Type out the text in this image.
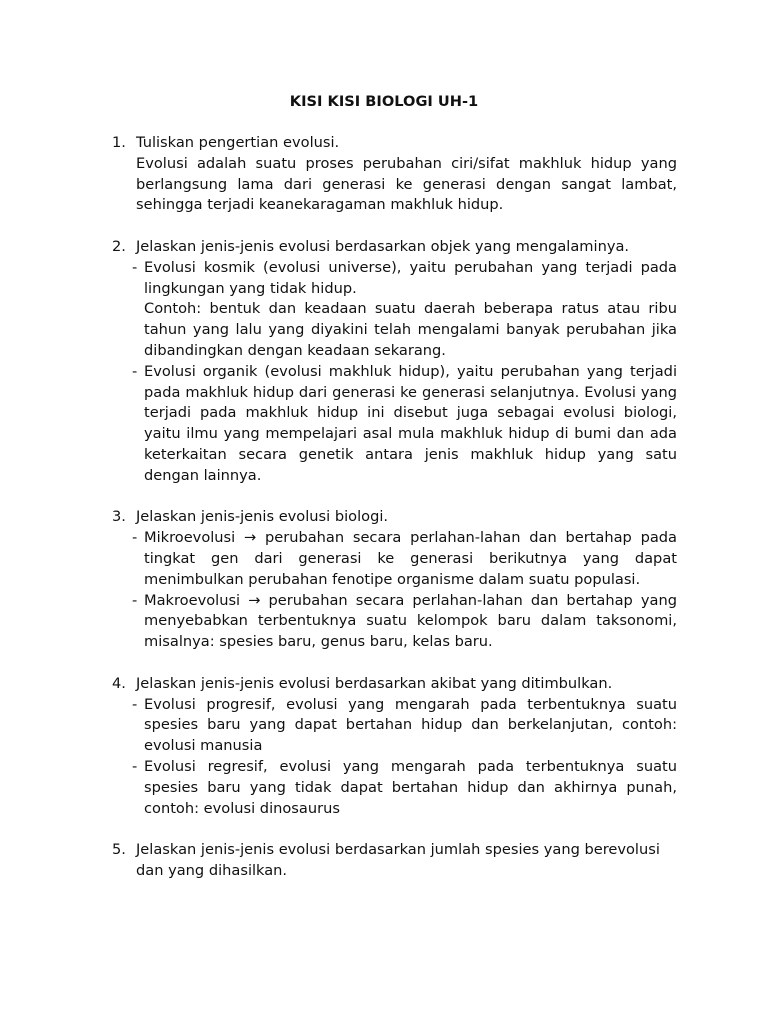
KISI KISI BIOLOGI UH-1
1. Tuliskan pengertian evolusi.
Evolusi adalah suatu proses perubahan ciri/sifat makhluk hidup yang berlangsung lama dari generasi ke generasi dengan sangat lambat, sehingga terjadi keanekaragaman makhluk hidup.
2. Jelaskan jenis-jenis evolusi berdasarkan objek yang mengalaminya.
- Evolusi kosmik (evolusi universe), yaitu perubahan yang terjadi pada lingkungan yang tidak hidup.
Contoh: bentuk dan keadaan suatu daerah beberapa ratus atau ribu tahun yang lalu yang diyakini telah mengalami banyak perubahan jika dibandingkan dengan keadaan sekarang.
- Evolusi organik (evolusi makhluk hidup), yaitu perubahan yang terjadi pada makhluk hidup dari generasi ke generasi selanjutnya. Evolusi yang terjadi pada makhluk hidup ini disebut juga sebagai evolusi biologi, yaitu ilmu yang mempelajari asal mula makhluk hidup di bumi dan ada keterkaitan secara genetik antara jenis makhluk hidup yang satu dengan lainnya.
3. Jelaskan jenis-jenis evolusi biologi.
- Mikroevolusi → perubahan secara perlahan-lahan dan bertahap pada tingkat gen dari generasi ke generasi berikutnya yang dapat menimbulkan perubahan fenotipe organisme dalam suatu populasi.
- Makroevolusi → perubahan secara perlahan-lahan dan bertahap yang menyebabkan terbentuknya suatu kelompok baru dalam taksonomi, misalnya: spesies baru, genus baru, kelas baru.
4. Jelaskan jenis-jenis evolusi berdasarkan akibat yang ditimbulkan.
- Evolusi progresif, evolusi yang mengarah pada terbentuknya suatu spesies baru yang dapat bertahan hidup dan berkelanjutan, contoh: evolusi manusia
- Evolusi regresif, evolusi yang mengarah pada terbentuknya suatu spesies baru yang tidak dapat bertahan hidup dan akhirnya punah, contoh: evolusi dinosaurus
5. Jelaskan jenis-jenis evolusi berdasarkan jumlah spesies yang berevolusi dan yang dihasilkan.
